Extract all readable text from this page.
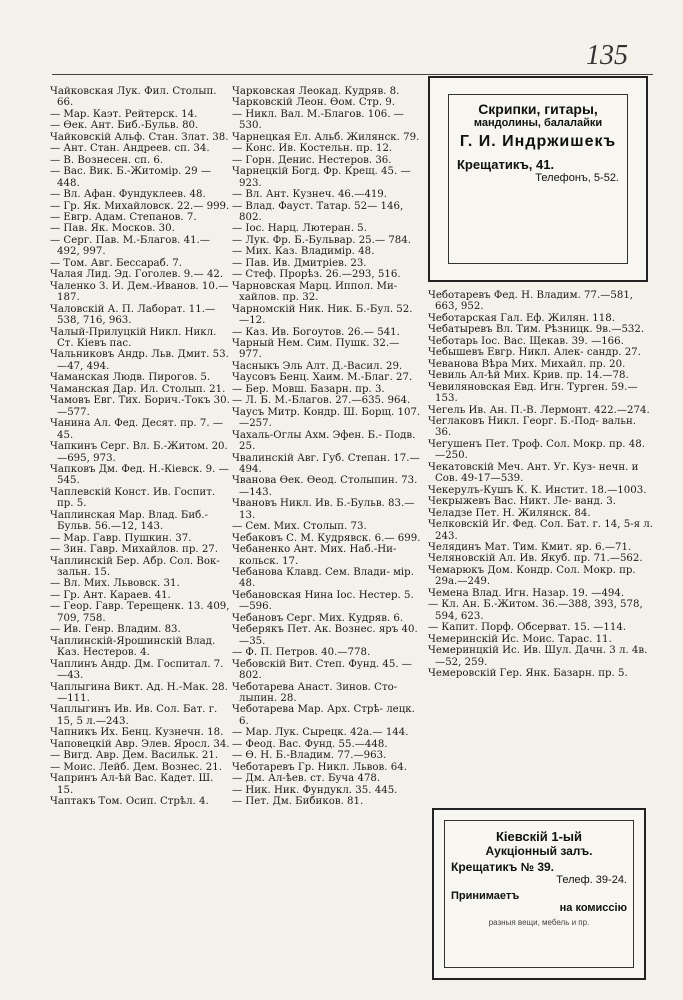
135
Чайковская Лук. Фил. Столып. 66.
— Мар. Каэт. Рейтерск. 14.
— Өек. Ант. Биб.-Бульв. 80.
Чайковскій Альф. Стан. Злат. 38.
— Ант. Стан. Андреев. сп. 34.
— В. Вознесен. сп. 6.
— Вас. Вик. Б.-Житомір. 29 —448.
— Вл. Афан. Фундуклеев. 48.
— Гр. Як. Михайловск. 22.— 999.
— Евгр. Адам. Степанов. 7.
— Пав. Як. Москов. 30.
— Серг. Пав. М.-Благов. 41.— 492, 997.
— Том. Авг. Бессараб. 7.
Чалая Лид. Эд. Гоголев. 9.— 42.
Чаленко З. И. Дем.-Иванов. 10.—187.
Чаловскій А. П. Лаборат. 11.— 538, 716, 963.
Чалый-Прилуцкій Никл. Никл. Ст. Кіевъ пас.
Чальниковъ Андр. Льв. Дмит. 53.—47, 494.
Чаманская Людв. Пирогов. 5.
Чаманская Дар. Ил. Столып. 21.
Чамовъ Евг. Тих. Борич.-Токъ 30.—577.
Чанина Ал. Фед. Десят. пр. 7. —45.
Чапкинъ Серг. Вл. Б.-Житом. 20.—695, 973.
Чапковъ Дм. Фед. Н.-Кіевск. 9. —545.
Чаплевскій Конст. Ив. Госпит. пр. 5.
Чаплинская Мар. Влад. Биб.- Бульв. 56.—12, 143.
— Мар. Гавр. Пушкин. 37.
— Зин. Гавр. Михайлов. пр. 27.
Чаплинскій Бер. Абр. Сол. Вок- зальн. 15.
— Вл. Мих. Львовск. 31.
— Гр. Ант. Караев. 41.
— Геор. Гавр. Терещенк. 13. 409, 709, 758.
— Ив. Генр. Владим. 83.
Чаплинскій-Ярошинскій Влад. Каз. Нестеров. 4.
Чаплинъ Андр. Дм. Госпитал. 7.—43.
Чаплыгина Викт. Ад. Н.-Мак. 28.—111.
Чаплыгинъ Ив. Ив. Сол. Бат. г. 15, 5 л.—243.
Чапникъ Их. Бенц. Кузнечн. 18.
Чаповецкій Авр. Элев. Яросл. 34.
— Вигд. Авр. Дем. Васильк. 21.
— Моис. Лейб. Дем. Вознес. 21.
Чапринъ Ал-ѣй Вас. Кадет. Ш. 15.
Чаптакъ Том. Осип. Стрѣл. 4.
Чарковская Леокад. Кудряв. 8.
Чарковскій Леон. Өом. Стр. 9.
— Никл. Вал. М.-Благов. 106. —530.
Чарнецкая Ел. Альб. Жилянск. 79.
— Конс. Ив. Костельн. пр. 12.
— Горн. Денис. Нестеров. 36.
Чарнецкій Богд. Фр. Крещ. 45. —923.
— Вл. Ант. Кузнеч. 46.—419.
— Влад. Фауст. Татар. 52— 146, 802.
— Іос. Нарц. Лютеран. 5.
— Лук. Фр. Б.-Бульвар. 25.— 784.
— Мих. Каз. Владимір. 48.
— Пав. Ив. Дмитріев. 23.
— Стеф. Прорѣз. 26.—293, 516.
Чарновская Марц. Иппол. Ми- хайлов. пр. 32.
Чарномскій Ник. Ник. Б.-Бул. 52.—12.
— Каз. Ив. Богоутов. 26.— 541.
Чарный Нем. Сим. Пушк. 32.— 977.
Часныкъ Эль Алт. Д.-Васил. 29.
Чаусовъ Бенц. Хаим. М.-Благ. 27.
— Бер. Мовш. Базарн. пр. 3.
— Л. Б. М.-Благов. 27.—635. 964.
Чаусъ Митр. Кондр. Ш. Борщ. 107.—257.
Чахаль-Оглы Ахм. Эфен. Б.- Подв. 25.
Чвалинскій Авг. Губ. Степан. 17.—494.
Чванова Өек. Өеод. Столыпин. 73.—143.
Чвановъ Никл. Ив. Б.-Бульв. 83.—13.
— Сем. Мих. Столып. 73.
Чебаковъ С. М. Кудрявск. 6.— 699.
Чебаненко Ант. Мих. Наб.-Ни- кольск. 17.
Чебанова Клавд. Сем. Влади- мір. 48.
Чебановская Нина Іос. Нестер. 5.—596.
Чебановъ Серг. Мих. Кудряв. 6.
Чеберякъ Пет. Ак. Вознес. яръ 40.—35.
— Ф. П. Петров. 40.—778.
Чебовскій Вит. Степ. Фунд. 45. —802.
Чеботарева Анаст. Зинов. Сто- лыпин. 28.
Чеботарева Мар. Арх. Стрѣ- лецк. 6.
— Мар. Лук. Сырецк. 42а.— 144.
— Феод. Вас. Фунд. 55.—448.
— Ө. Н. Б.-Владим. 77.—963.
Чеботаревъ Гр. Никл. Львов. 64.
— Дм. Ал-ѣев. ст. Буча 478.
— Ник. Ник. Фундукл. 35. 445.
— Пет. Дм. Бибиков. 81.
Скрипки, гитары,
мандолины, балалайки
Г. И. Индржишекъ
Крещатикъ, 41.
Телефонъ, 5-52.
Чеботаревъ Фед. Н. Владим. 77.—581, 663, 952.
Чеботарская Гал. Еф. Жилян. 118.
Чебатыревъ Вл. Тим. Рѣзницк. 9в.—532.
Чеботарь Іос. Вас. Щекав. 39. —166.
Чебышевъ Евгр. Никл. Алек- сандр. 27.
Чеванова Вѣра Мих. Михайл. пр. 20.
Чевиль Ал-ѣй Мих. Крив. пр. 14.—78.
Чевиляновская Евд. Игн. Турген. 59.—153.
Чегель Ив. Ан. П.-В. Лермонт. 422.—274.
Чеглаковъ Никл. Георг. Б.-Под- вальн. 36.
Чегушенъ Пет. Троф. Сол. Мокр. пр. 48.—250.
Чекатовскій Меч. Ант. Уг. Куз- нечн. и Сов. 49-17—539.
Чекерулъ-Кушъ К. К. Инстит. 18.—1003.
Чекрыжевъ Вас. Никт. Ле- ванд. 3.
Челадзе Пет. Н. Жилянск. 84.
Челковскій Иг. Фед. Сол. Бат. г. 14, 5-я л. 243.
Челядинъ Мат. Тим. Кмит. яр. 6.—71.
Челяновскій Ал. Ив. Якуб. пр. 71.—562.
Чемарюкъ Дом. Кондр. Сол. Мокр. пр. 29а.—249.
Чемена Влад. Игн. Назар. 19. —494.
— Кл. Ан. Б.-Житом. 36.—388, 393, 578, 594, 623.
— Капит. Порф. Обсерват. 15. —114.
Чемеринскій Ис. Моис. Тарас. 11.
Чемеринцкій Ис. Ив. Шул. Дачн. 3 л. 4в.—52, 259.
Чемеровскій Гер. Янк. Базарн. пр. 5.
Кіевскій 1-ый
Аукціонный залъ.
Крещатикъ № 39.
Телеф. 39-24.
Принимаетъ
на комиссію
разныя вещи, мебель и пр.
